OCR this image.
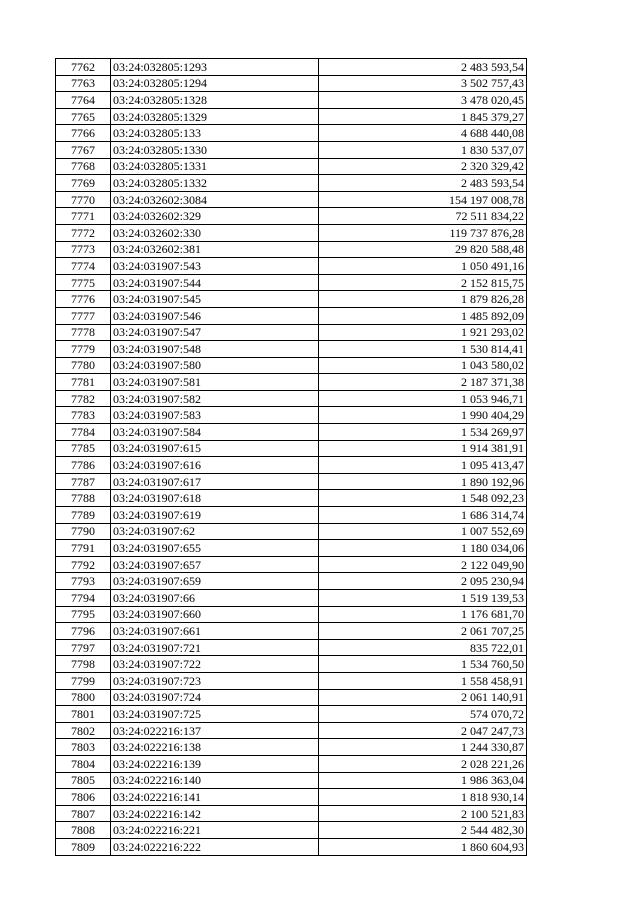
7762	03:24:032805:1293	2 483 593,54
7763	03:24:032805:1294	3 502 757,43
7764	03:24:032805:1328	3 478 020,45
7765	03:24:032805:1329	1 845 379,27
7766	03:24:032805:133	4 688 440,08
7767	03:24:032805:1330	1 830 537,07
7768	03:24:032805:1331	2 320 329,42
7769	03:24:032805:1332	2 483 593,54
7770	03:24:032602:3084	154 197 008,78
7771	03:24:032602:329	72 511 834,22
7772	03:24:032602:330	119 737 876,28
7773	03:24:032602:381	29 820 588,48
7774	03:24:031907:543	1 050 491,16
7775	03:24:031907:544	2 152 815,75
7776	03:24:031907:545	1 879 826,28
7777	03:24:031907:546	1 485 892,09
7778	03:24:031907:547	1 921 293,02
7779	03:24:031907:548	1 530 814,41
7780	03:24:031907:580	1 043 580,02
7781	03:24:031907:581	2 187 371,38
7782	03:24:031907:582	1 053 946,71
7783	03:24:031907:583	1 990 404,29
7784	03:24:031907:584	1 534 269,97
7785	03:24:031907:615	1 914 381,91
7786	03:24:031907:616	1 095 413,47
7787	03:24:031907:617	1 890 192,96
7788	03:24:031907:618	1 548 092,23
7789	03:24:031907:619	1 686 314,74
7790	03:24:031907:62	1 007 552,69
7791	03:24:031907:655	1 180 034,06
7792	03:24:031907:657	2 122 049,90
7793	03:24:031907:659	2 095 230,94
7794	03:24:031907:66	1 519 139,53
7795	03:24:031907:660	1 176 681,70
7796	03:24:031907:661	2 061 707,25
7797	03:24:031907:721	835 722,01
7798	03:24:031907:722	1 534 760,50
7799	03:24:031907:723	1 558 458,91
7800	03:24:031907:724	2 061 140,91
7801	03:24:031907:725	574 070,72
7802	03:24:022216:137	2 047 247,73
7803	03:24:022216:138	1 244 330,87
7804	03:24:022216:139	2 028 221,26
7805	03:24:022216:140	1 986 363,04
7806	03:24:022216:141	1 818 930,14
7807	03:24:022216:142	2 100 521,83
7808	03:24:022216:221	2 544 482,30
7809	03:24:022216:222	1 860 604,93
